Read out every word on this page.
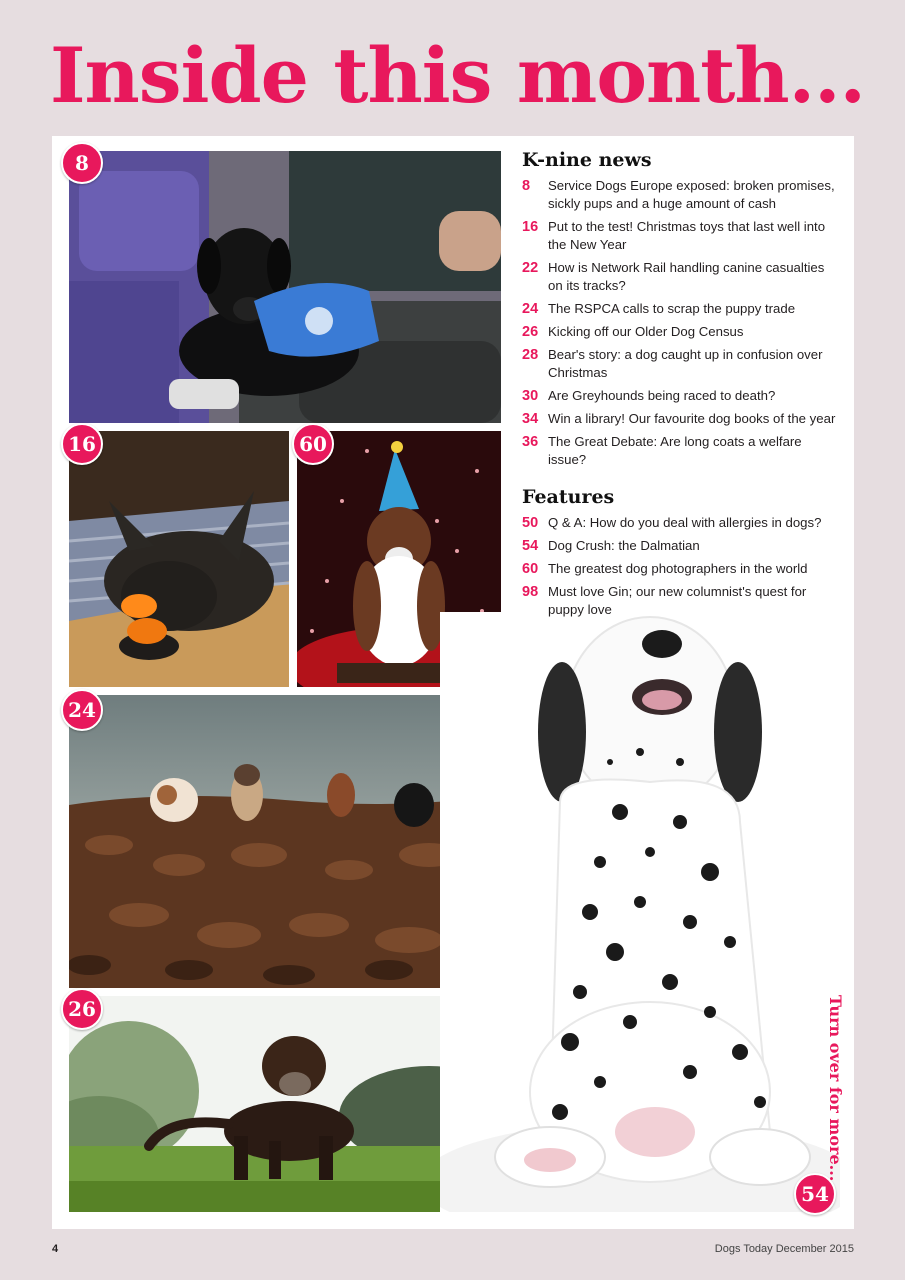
Inside this month...
8
16	60
24
26
54
Turn over for more...
K-nine news
8	Service Dogs Europe exposed: broken promises, sickly pups and a huge amount of cash
16 Put to the test! Christmas toys that last well into the New Year
22 How is Network Rail handling canine casualties on its tracks?
24 The RSPCA calls to scrap the puppy trade
26 Kicking off our Older Dog Census
28 Bear's story: a dog caught up in confusion over Christmas
30 Are Greyhounds being raced to death?
34 Win a library! Our favourite dog books of the year
36 The Great Debate: Are long coats a welfare issue?
Features
50 Q & A: How do you deal with allergies in dogs?
54 Dog Crush: the Dalmatian
60 The greatest dog photographers in the world
98 Must love Gin; our new columnist's quest for puppy love
4	Dogs Today December 2015
